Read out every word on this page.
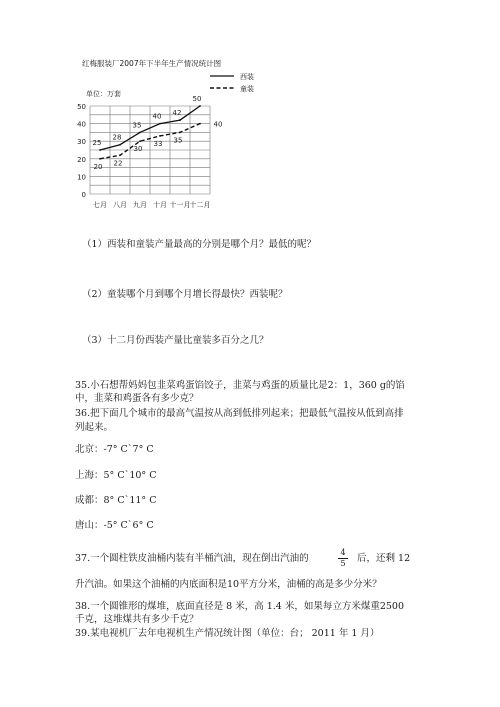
红梅服装厂2007年下半年生产情况统计图
0
10
20
30
40
50
七月 八月 九月 十月 十一月 十二月
单位：万套
25
28
35
40 42
50
20 22
30
33 35
40
西装
童装
（1）西装和童装产量最高的分别是哪个月？最低的呢？
（2）童装哪个月到哪个月增长得最快？西装呢？
（3）十二月份西装产量比童装多百分之几？
35.小石想帮妈妈包韭菜鸡蛋馅饺子，韭菜与鸡蛋的质量比是2：1，360 g的馅
中，韭菜和鸡蛋各有多少克？
36.把下面几个城市的最高气温按从高到低排列起来；把最低气温按从低到高排
列起来。
北京：-7° C`7° C
上海：5° C`10° C
成都：8° C`11° C
唐山：-5° C`6° C
37.一个圆柱铁皮油桶内装有半桶汽油，现在倒出汽油的
4
5	后，还剩 12
升汽油。如果这个油桶的内底面积是10平方分米，油桶的高是多少分米？
38.一个圆锥形的煤堆，底面直径是 8 米，高 1.4 米，如果每立方米煤重2500
千克，这堆煤共有多少千克？
39.某电视机厂去年电视机生产情况统计图（单位：台； 2011 年 1 月）
